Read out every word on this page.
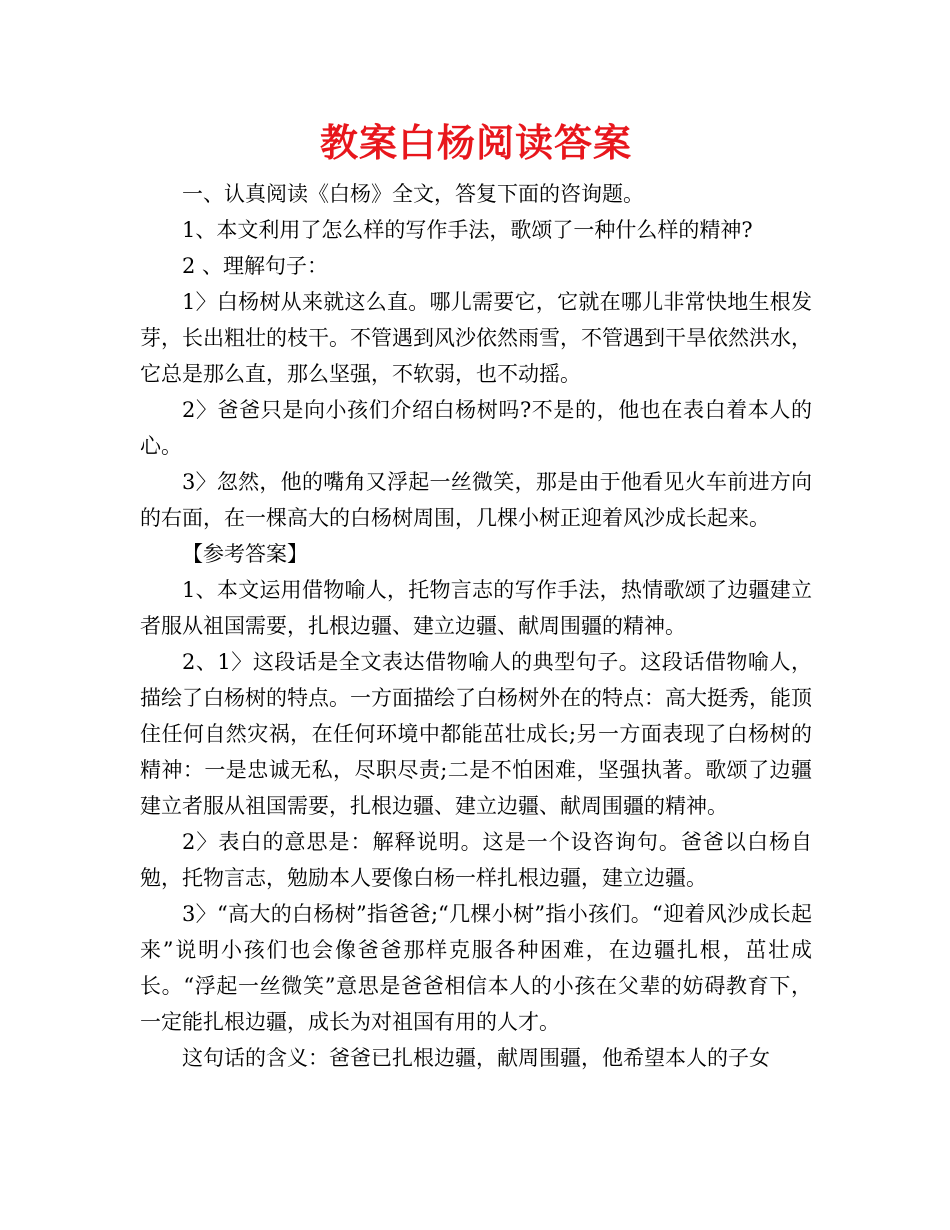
教案白杨阅读答案

一、认真阅读《白杨》全文，答复下面的咨询题。

1、本文利用了怎么样的写作手法，歌颂了一种什么样的精神?

2 、理解句子：

1〉白杨树从来就这么直。哪儿需要它，它就在哪儿非常快地生根发芽，长出粗壮的枝干。不管遇到风沙依然雨雪，不管遇到干旱依然洪水，它总是那么直，那么坚强，不软弱，也不动摇。

2〉爸爸只是向小孩们介绍白杨树吗?不是的，他也在表白着本人的心。

3〉忽然，他的嘴角又浮起一丝微笑，那是由于他看见火车前进方向的右面，在一棵高大的白杨树周围，几棵小树正迎着风沙成长起来。

【参考答案】

1、本文运用借物喻人，托物言志的写作手法，热情歌颂了边疆建立者服从祖国需要，扎根边疆、建立边疆、献周围疆的精神。

2、1〉这段话是全文表达借物喻人的典型句子。这段话借物喻人，描绘了白杨树的特点。一方面描绘了白杨树外在的特点：高大挺秀，能顶住任何自然灾祸，在任何环境中都能茁壮成长;另一方面表现了白杨树的精神：一是忠诚无私，尽职尽责;二是不怕困难，坚强执著。歌颂了边疆建立者服从祖国需要，扎根边疆、建立边疆、献周围疆的精神。

2〉表白的意思是：解释说明。这是一个设咨询句。爸爸以白杨自勉，托物言志，勉励本人要像白杨一样扎根边疆，建立边疆。

3〉“高大的白杨树”指爸爸;“几棵小树”指小孩们。“迎着风沙成长起来”说明小孩们也会像爸爸那样克服各种困难，在边疆扎根，茁壮成长。“浮起一丝微笑”意思是爸爸相信本人的小孩在父辈的妨碍教育下，一定能扎根边疆，成长为对祖国有用的人才。

这句话的含义：爸爸已扎根边疆，献周围疆，他希望本人的子女
